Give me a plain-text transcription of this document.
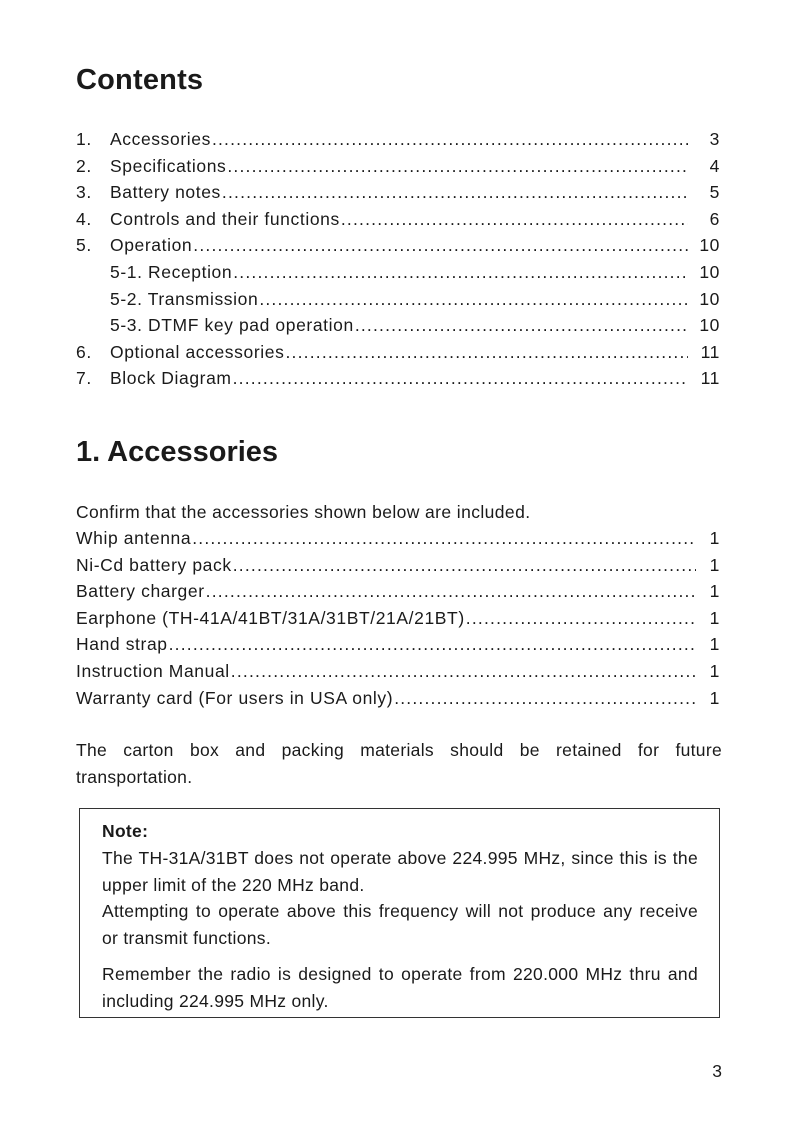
Contents
1.	Accessories .....	3
2.	Specifications .....	4
3.	Battery notes .....	5
4.	Controls and their functions .....	6
5.	Operation .....	10
5-1. Reception .....	10
5-2. Transmission .....	10
5-3. DTMF key pad operation .....	10
6.	Optional accessories .....	11
7.	Block Diagram .....	11
1. Accessories

Confirm that the accessories shown below are included.

Whip antenna .....	1
Ni-Cd battery pack .....	1
Battery charger .....	1
Earphone (TH-41A/41BT/31A/31BT/21A/21BT) .....	1
Hand strap .....	1
Instruction Manual .....	1
Warranty card (For users in USA only) .....	1

The carton box and packing materials should be retained for future transportation.

Note:

The TH-31A/31BT does not operate above 224.995 MHz, since this is the upper limit of the 220 MHz band.

Attempting to operate above this frequency will not produce any receive or transmit functions.

Remember the radio is designed to operate from 220.000 MHz thru and including 224.995 MHz only.

3
